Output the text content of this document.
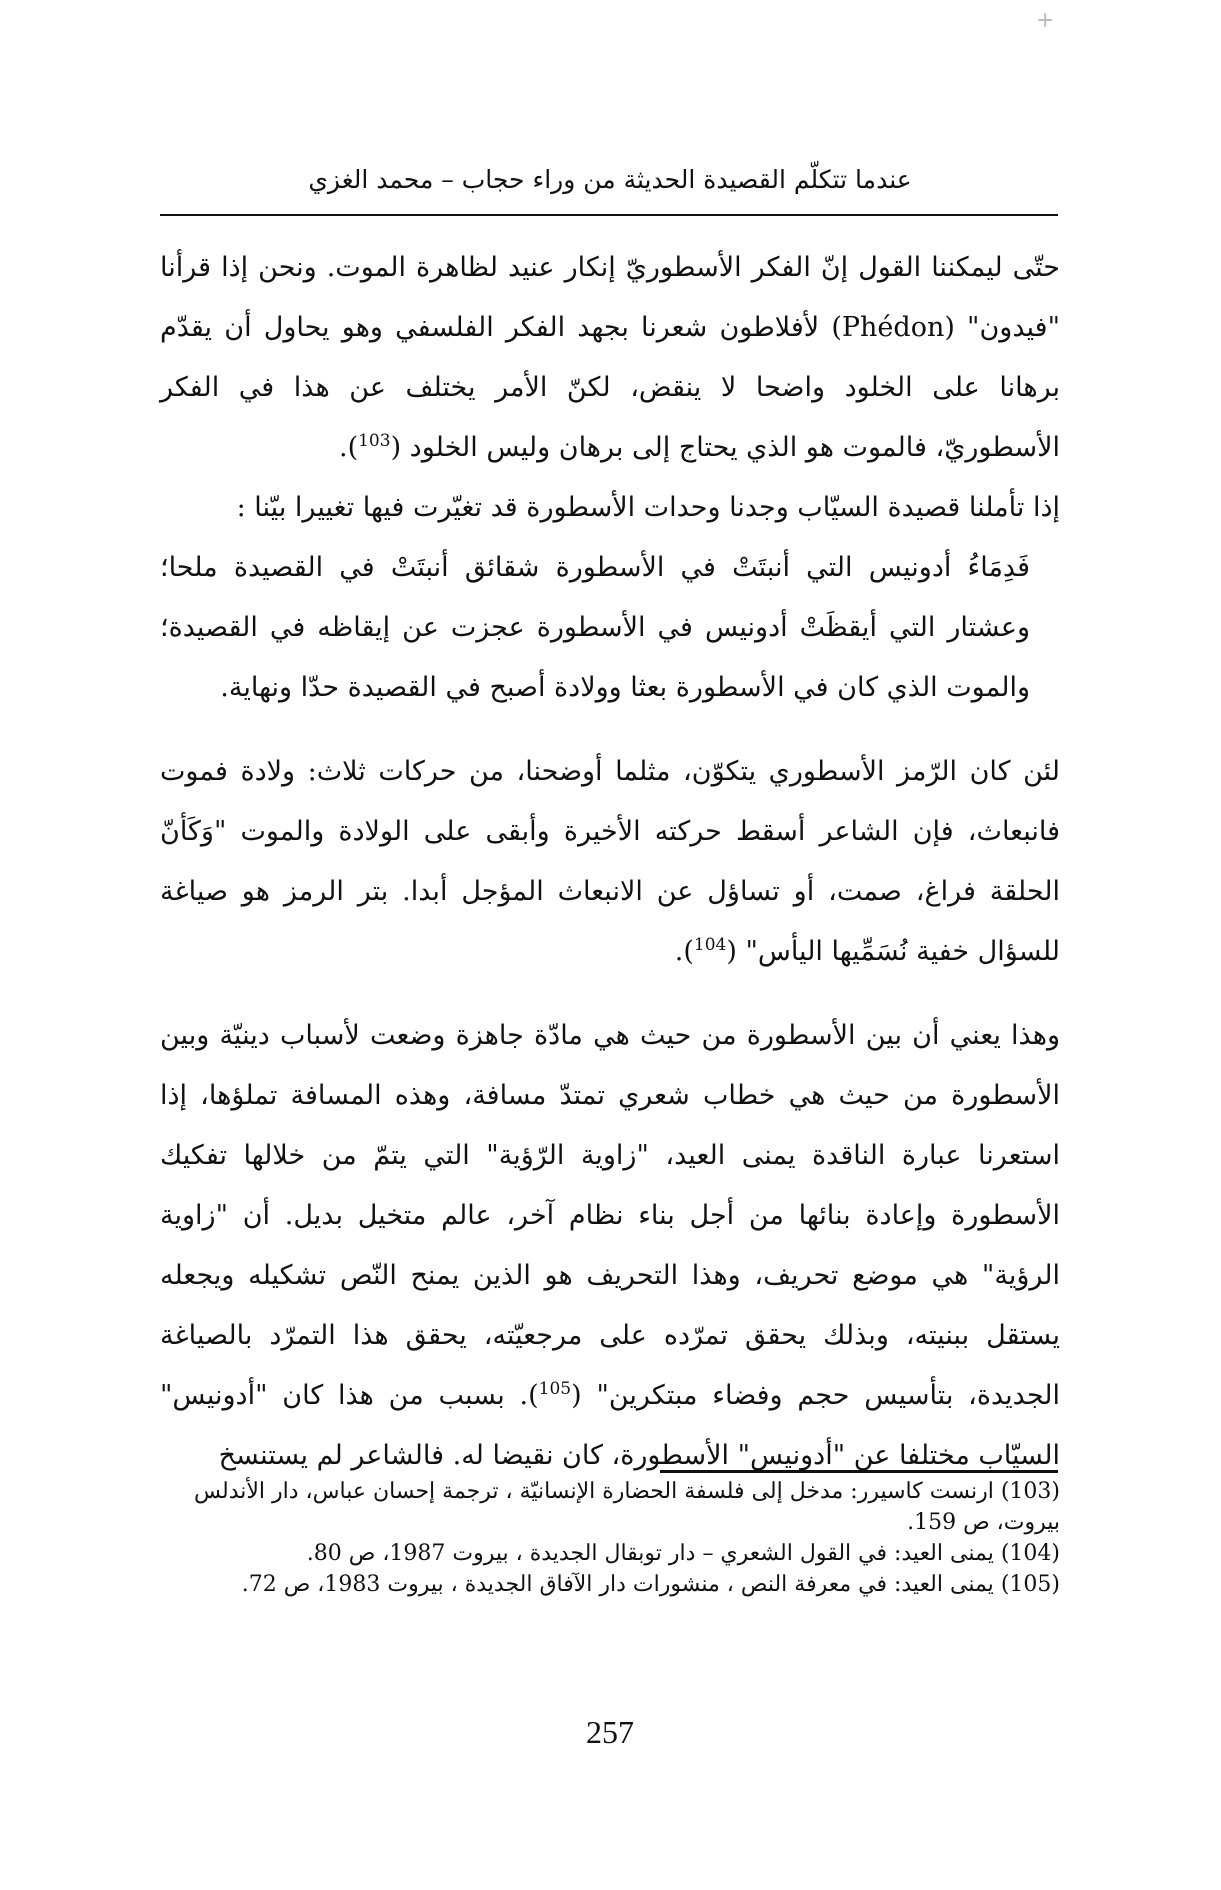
+
عندما تتكلّم القصيدة الحديثة من وراء حجاب – محمد الغزي

حتّى ليمكننا القول إنّ الفكر الأسطوريّ إنكار عنيد لظاهرة الموت. ونحن إذا قرأنا "فيدون" (Phédon) لأفلاطون شعرنا بجهد الفكر الفلسفي وهو يحاول أن يقدّم برهانا على الخلود واضحا لا ينقض، لكنّ الأمر يختلف عن هذا في الفكر الأسطوريّ، فالموت هو الذي يحتاج إلى برهان وليس الخلود ($^{103}$).

إذا تأملنا قصيدة السيّاب وجدنا وحدات الأسطورة قد تغيّرت فيها تغييرا بيّنا :

فَدِمَاءُ أدونيس التي أنبتَتْ في الأسطورة شقائق أنبتَتْ في القصيدة ملحا؛ وعشتار التي أيقظَتْ أدونيس في الأسطورة عجزت عن إيقاظه في القصيدة؛ والموت الذي كان في الأسطورة بعثا وولادة أصبح في القصيدة حدّا ونهاية.

لئن كان الرّمز الأسطوري يتكوّن، مثلما أوضحنا، من حركات ثلاث: ولادة فموت فانبعاث، فإن الشاعر أسقط حركته الأخيرة وأبقى على الولادة والموت "وَكَأنّ الحلقة فراغ، صمت، أو تساؤل عن الانبعاث المؤجل أبدا. بتر الرمز هو صياغة للسؤال خفية نُسَمِّيها اليأس" ($^{104}$).

وهذا يعني أن بين الأسطورة من حيث هي مادّة جاهزة وضعت لأسباب دينيّة وبين الأسطورة من حيث هي خطاب شعري تمتدّ مسافة، وهذه المسافة تملؤها، إذا استعرنا عبارة الناقدة يمنى العيد، "زاوية الرّؤية" التي يتمّ من خلالها تفكيك الأسطورة وإعادة بنائها من أجل بناء نظام آخر، عالم متخيل بديل. أن "زاوية الرؤية" هي موضع تحريف، وهذا التحريف هو الذين يمنح النّص تشكيله ويجعله يستقل ببنيته، وبذلك يحقق تمرّده على مرجعيّته، يحقق هذا التمرّد بالصياغة الجديدة، بتأسيس حجم وفضاء مبتكرين" ($^{105}$). بسبب من هذا كان "أدونيس" السيّاب مختلفا عن "أدونيس" الأسطورة، كان نقيضا له. فالشاعر لم يستنسخ

(103) ارنست كاسيرر: مدخل إلى فلسفة الحضارة الإنسانيّة ، ترجمة إحسان عباس، دار الأندلس بيروت، ص 159.

(104) يمنى العيد: في القول الشعري – دار توبقال الجديدة ، بيروت 1987، ص 80.

(105) يمنى العيد: في معرفة النص ، منشورات دار الآفاق الجديدة ، بيروت 1983، ص 72.

257
